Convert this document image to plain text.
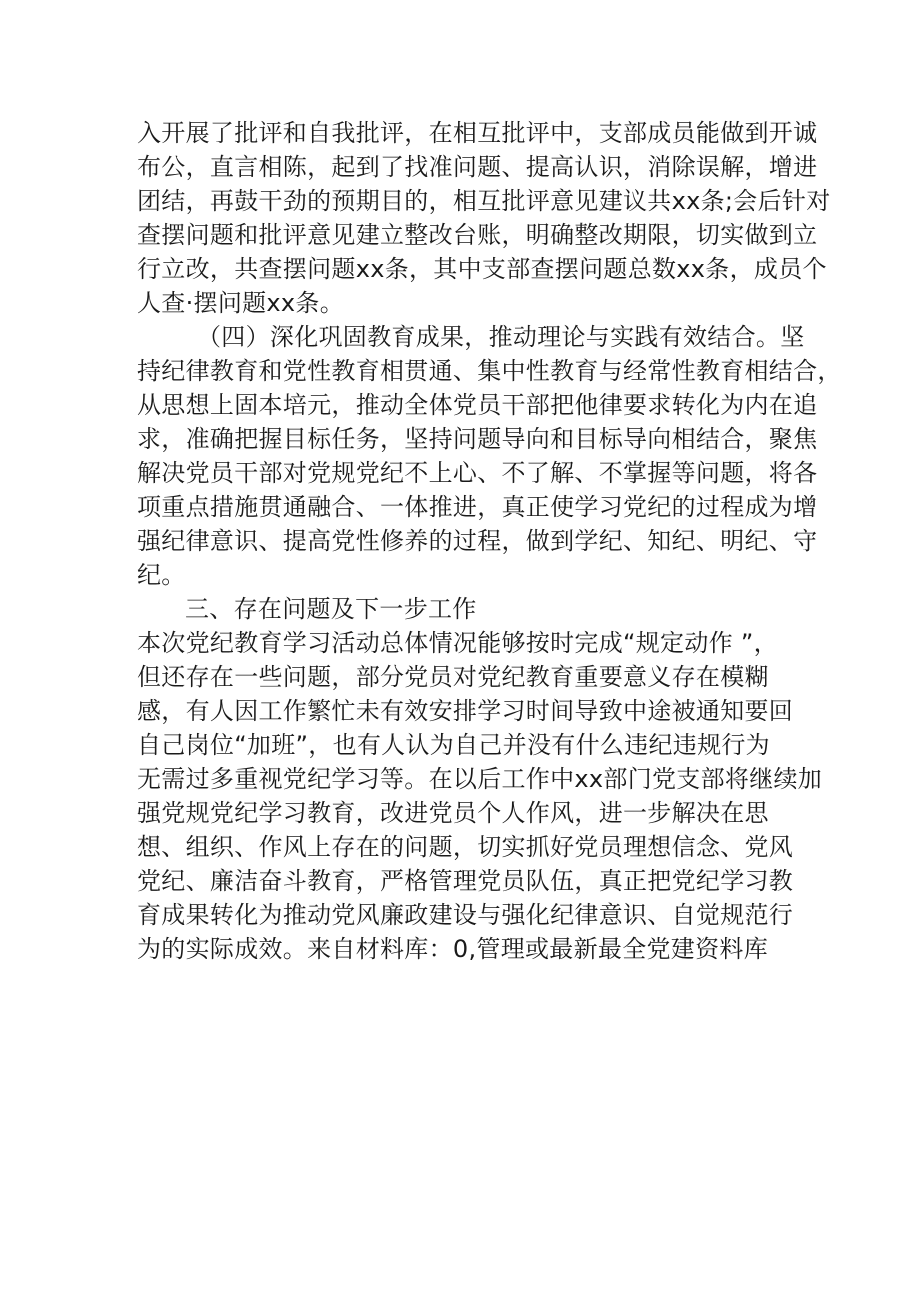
入开展了批评和自我批评，在相互批评中，支部成员能做到开诚
布公，直言相陈，起到了找准问题、提高认识，消除误解，增进
团结，再鼓干劲的预期目的，相互批评意见建议共xx条;会后针对
查摆问题和批评意见建立整改台账，明确整改期限，切实做到立
行立改，共查摆问题xx条，其中支部查摆问题总数xx条，成员个
人查·摆问题xx条。
（四）深化巩固教育成果，推动理论与实践有效结合。坚
持纪律教育和党性教育相贯通、集中性教育与经常性教育相结合，
从思想上固本培元，推动全体党员干部把他律要求转化为内在追
求，准确把握目标任务，坚持问题导向和目标导向相结合，聚焦
解决党员干部对党规党纪不上心、不了解、不掌握等问题，将各
项重点措施贯通融合、一体推进，真正使学习党纪的过程成为增
强纪律意识、提高党性修养的过程，做到学纪、知纪、明纪、守
纪。
三、存在问题及下一步工作
本次党纪教育学习活动总体情况能够按时完成“规定动作 ”，
但还存在一些问题，部分党员对党纪教育重要意义存在模糊
感，有人因工作繁忙未有效安排学习时间导致中途被通知要回
自己岗位“加班”，也有人认为自己并没有什么违纪违规行为
无需过多重视党纪学习等。在以后工作中xx部门党支部将继续加
强党规党纪学习教育，改进党员个人作风，进一步解决在思
想、组织、作风上存在的问题，切实抓好党员理想信念、党风
党纪、廉洁奋斗教育，严格管理党员队伍，真正把党纪学习教
育成果转化为推动党风廉政建设与强化纪律意识、自觉规范行
为的实际成效。来自材料库：0,管理或最新最全党建资料库
